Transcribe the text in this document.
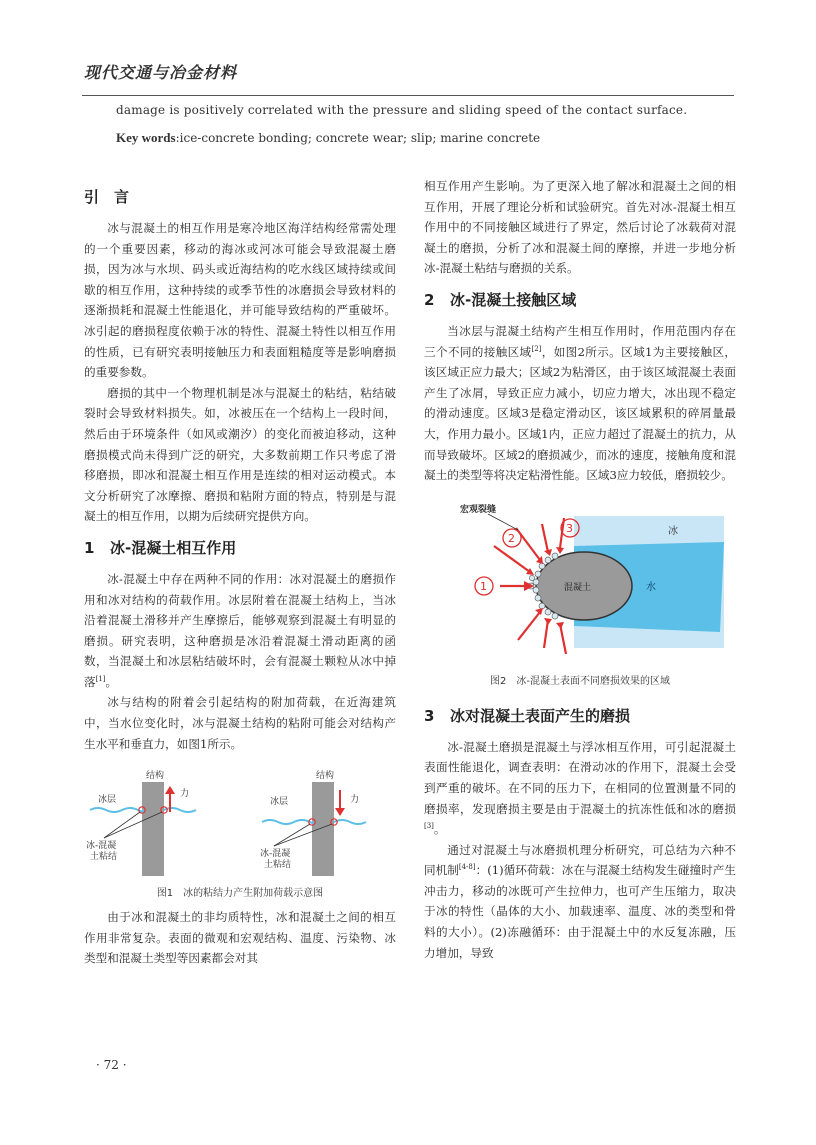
现代交通与冶金材料
damage is positively correlated with the pressure and sliding speed of the contact surface.
Key words:ice-concrete bonding; concrete wear; slip; marine concrete
引　言

冰与混凝土的相互作用是寒冷地区海洋结构经常需处理的一个重要因素，移动的海冰或河冰可能会导致混凝土磨损，因为冰与水坝、码头或近海结构的吃水线区域持续或间歇的相互作用，这种持续的或季节性的冰磨损会导致材料的逐渐损耗和混凝土性能退化，并可能导致结构的严重破坏。冰引起的磨损程度依赖于冰的特性、混凝土特性以相互作用的性质，已有研究表明接触压力和表面粗糙度等是影响磨损的重要参数。

磨损的其中一个物理机制是冰与混凝土的粘结，粘结破裂时会导致材料损失。如，冰被压在一个结构上一段时间，然后由于环境条件（如风或潮汐）的变化而被迫移动，这种磨损模式尚未得到广泛的研究，大多数前期工作只考虑了滑移磨损，即冰和混凝土相互作用是连续的相对运动模式。本文分析研究了冰摩擦、磨损和粘附方面的特点，特别是与混凝土的相互作用，以期为后续研究提供方向。

1 冰-混凝土相互作用

冰-混凝土中存在两种不同的作用：冰对混凝土的磨损作用和冰对结构的荷载作用。冰层附着在混凝土结构上，当冰沿着混凝土滑移并产生摩擦后，能够观察到混凝土有明显的磨损。研究表明，这种磨损是冰沿着混凝土滑动距离的函数，当混凝土和冰层粘结破坏时，会有混凝土颗粒从冰中掉落[1]。

冰与结构的附着会引起结构的附加荷载，在近海建筑中，当水位变化时，冰与混凝土结构的粘附可能会对结构产生水平和垂直力，如图1所示。

结构
冰层
力
冰-混凝
土粘结
结构
冰层	力
冰-混凝
土粘结
图1　冰的粘结力产生附加荷载示意图

由于冰和混凝土的非均质特性，冰和混凝土之间的相互作用非常复杂。表面的微观和宏观结构、温度、污染物、冰类型和混凝土类型等因素都会对其

相互作用产生影响。为了更深入地了解冰和混凝土之间的相互作用，开展了理论分析和试验研究。首先对冰-混凝土相互作用中的不同接触区域进行了界定，然后讨论了冰载荷对混凝土的磨损，分析了冰和混凝土间的摩擦，并进一步地分析冰-混凝土粘结与磨损的关系。

2 冰-混凝土接触区域

当冰层与混凝土结构产生相互作用时，作用范围内存在三个不同的接触区域[2]，如图2所示。区域1为主要接触区，该区域正应力最大；区域2为粘滑区，由于该区域混凝土表面产生了冰屑，导致正应力减小，切应力增大，冰出现不稳定的滑动速度。区域3是稳定滑动区，该区域累积的碎屑量最大，作用力最小。区域1内，正应力超过了混凝土的抗力，从而导致破坏。区域2的磨损减少，而冰的速度，接触角度和混凝土的类型等将决定粘滑性能。区域3应力较低，磨损较少。

1
2
3
宏观裂缝
冰
水
混凝土
图2　冰-混凝土表面不同磨损效果的区域
3 冰对混凝土表面产生的磨损

冰-混凝土磨损是混凝土与浮冰相互作用，可引起混凝土表面性能退化，调查表明：在滑动冰的作用下，混凝土会受到严重的破坏。在不同的压力下，在相同的位置测量不同的磨损率，发现磨损主要是由于混凝土的抗冻性低和冰的磨损[3]。

通过对混凝土与冰磨损机理分析研究，可总结为六种不同机制[4-8]：(1)循环荷载：冰在与混凝土结构发生碰撞时产生冲击力，移动的冰既可产生拉伸力，也可产生压缩力，取决于冰的特性（晶体的大小、加载速率、温度、冰的类型和骨料的大小）。(2)冻融循环：由于混凝土中的水反复冻融，压力增加，导致

· 72 ·
